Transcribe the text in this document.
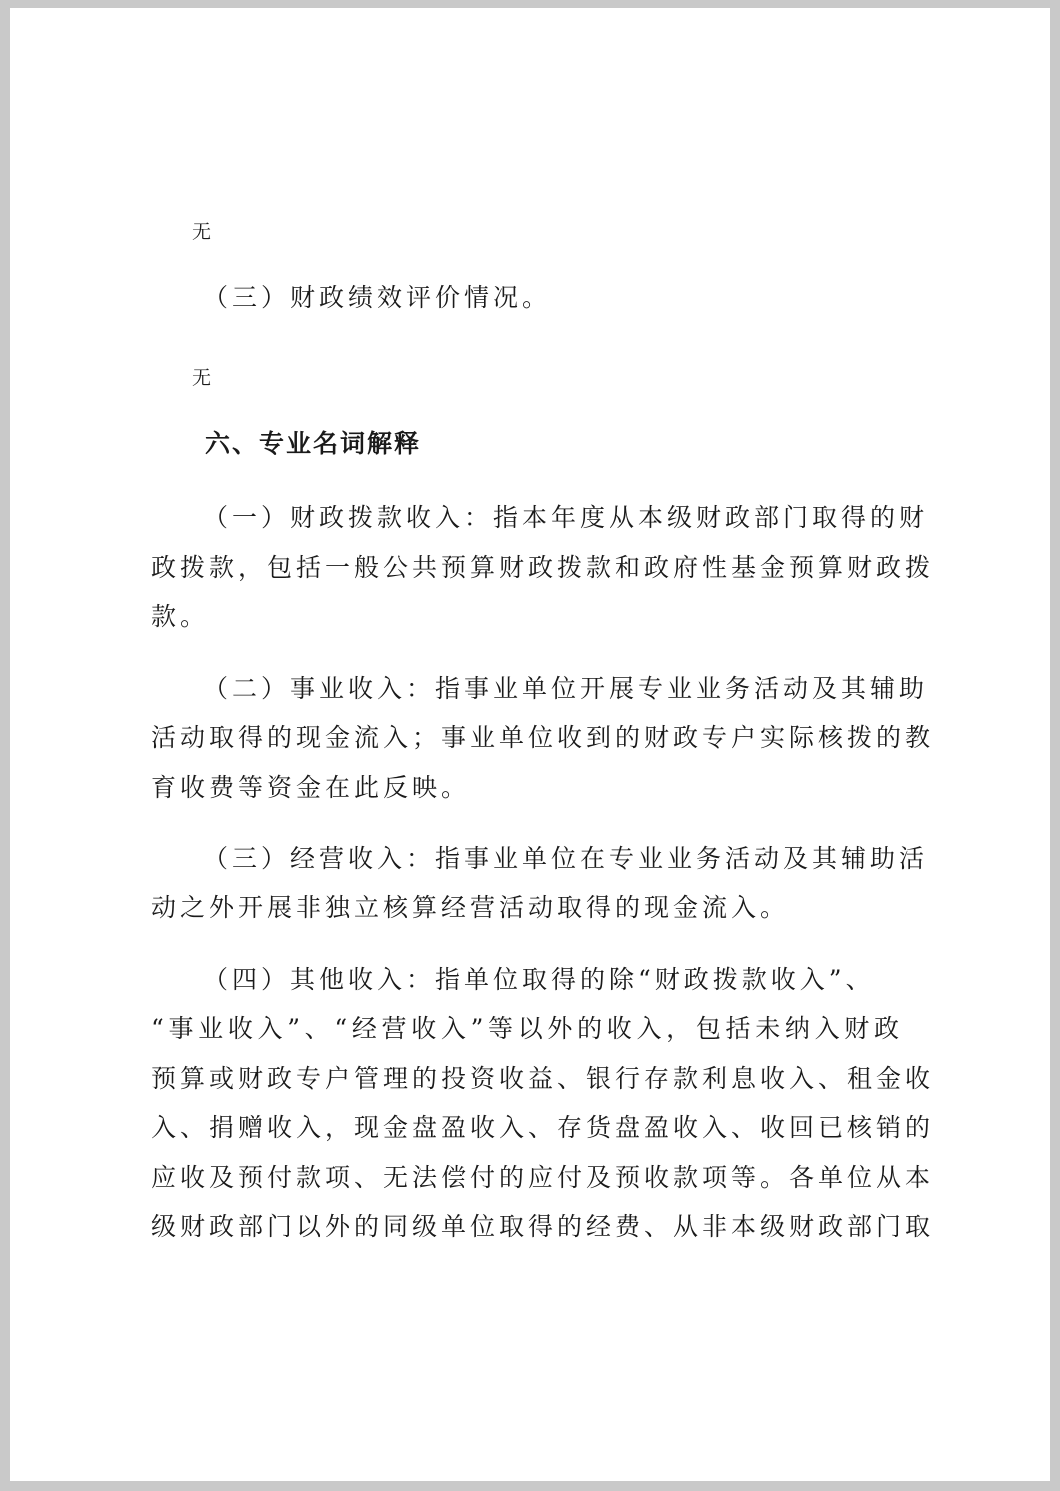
无
（三）财政绩效评价情况。
无
六、专业名词解释
（一）财政拨款收入：指本年度从本级财政部门取得的财
政拨款，包括一般公共预算财政拨款和政府性基金预算财政拨
款。
（二）事业收入：指事业单位开展专业业务活动及其辅助
活动取得的现金流入；事业单位收到的财政专户实际核拨的教
育收费等资金在此反映。
（三）经营收入：指事业单位在专业业务活动及其辅助活
动之外开展非独立核算经营活动取得的现金流入。
（四）其他收入：指单位取得的除“财政拨款收入”、
“事业收入”、“经营收入”等以外的收入，包括未纳入财政
预算或财政专户管理的投资收益、银行存款利息收入、租金收
入、捐赠收入，现金盘盈收入、存货盘盈收入、收回已核销的
应收及预付款项、无法偿付的应付及预收款项等。各单位从本
级财政部门以外的同级单位取得的经费、从非本级财政部门取
